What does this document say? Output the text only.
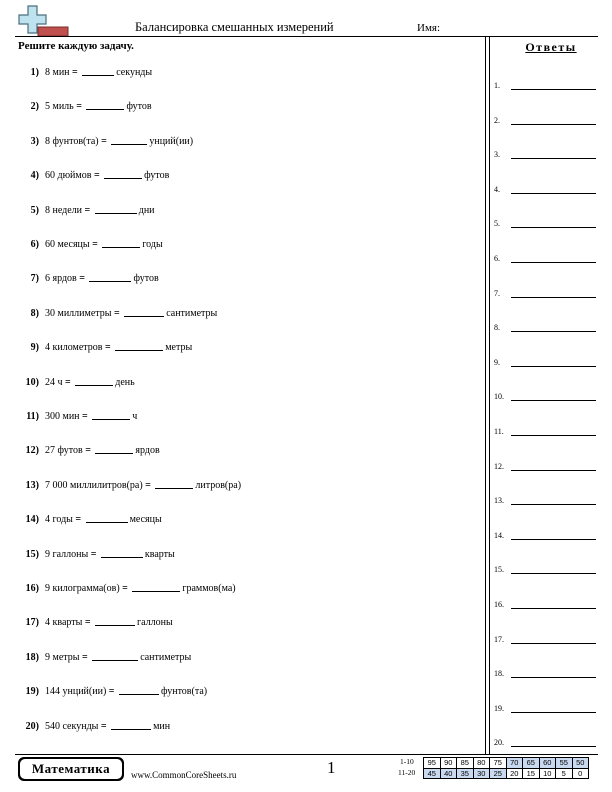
Балансировка смешанных измерений	Имя:
Решите каждую задачу.	Ответы
1) 8 мин =	секунды
2) 5 миль =	футов
3) 8 фунтов(та) =	унций(ии)
4) 60 дюймов =	футов
5) 8 недели =	дни
6) 60 месяцы =	годы
7) 6 ярдов =	футов
8) 30 миллиметры =	сантиметры
9) 4 километров =	метры
10) 24 ч =	день
11) 300 мин =	ч
12) 27 футов =	ярдов
13) 7 000 миллилитров(ра) =	литров(ра)
14) 4 годы =	месяцы
15) 9 галлоны =	кварты
16) 9 килограмма(ов) =	граммов(ма)
17) 4 кварты =	галлоны
18) 9 метры =	сантиметры
19) 144 унций(ии) =	фунтов(та)
20) 540 секунды =	мин
1.
2.
3.
4.
5.
6.
7.
8.
9.
10.
11.
12.
13.
14.
15.
16.
17.
18.
19.
20.
Математика	www.CommonCoreSheets.ru	1	1-10
11-20
95	90	85	80	75	70	65	60	55	50
45	40	35	30	25	20	15	10	5	0
